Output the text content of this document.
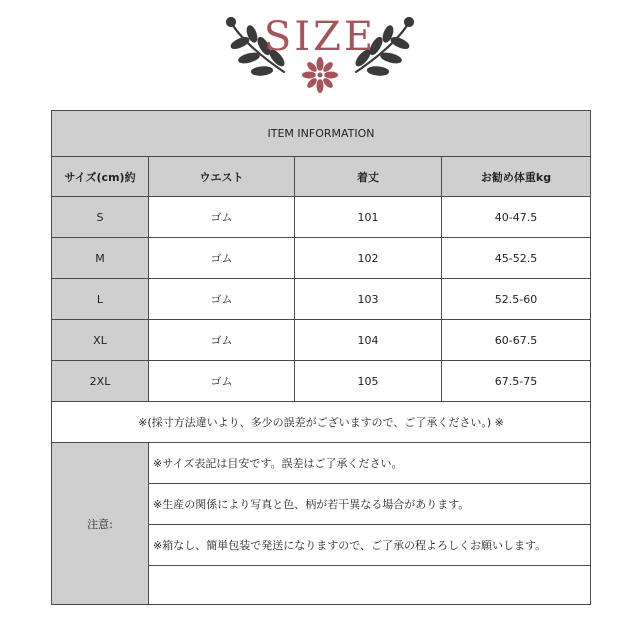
SIZE
ITEM INFORMATION			
サイズ(cm)約	ウエスト	着丈	お勧め体重kg
S	ゴム	101	40-47.5
M	ゴム	102	45-52.5
L	ゴム	103	52.5-60
XL	ゴム	104	60-67.5
2XL	ゴム	105	67.5-75
※(採寸方法違いより、多少の誤差がございますので、ご了承ください。) ※			
注意:	※サイズ表記は目安です。誤差はご了承ください。		
	※生産の関係により写真と色、柄が若干異なる場合があります。		
	※箱なし、簡単包装で発送になりますので、ご了承の程よろしくお願いします。		
